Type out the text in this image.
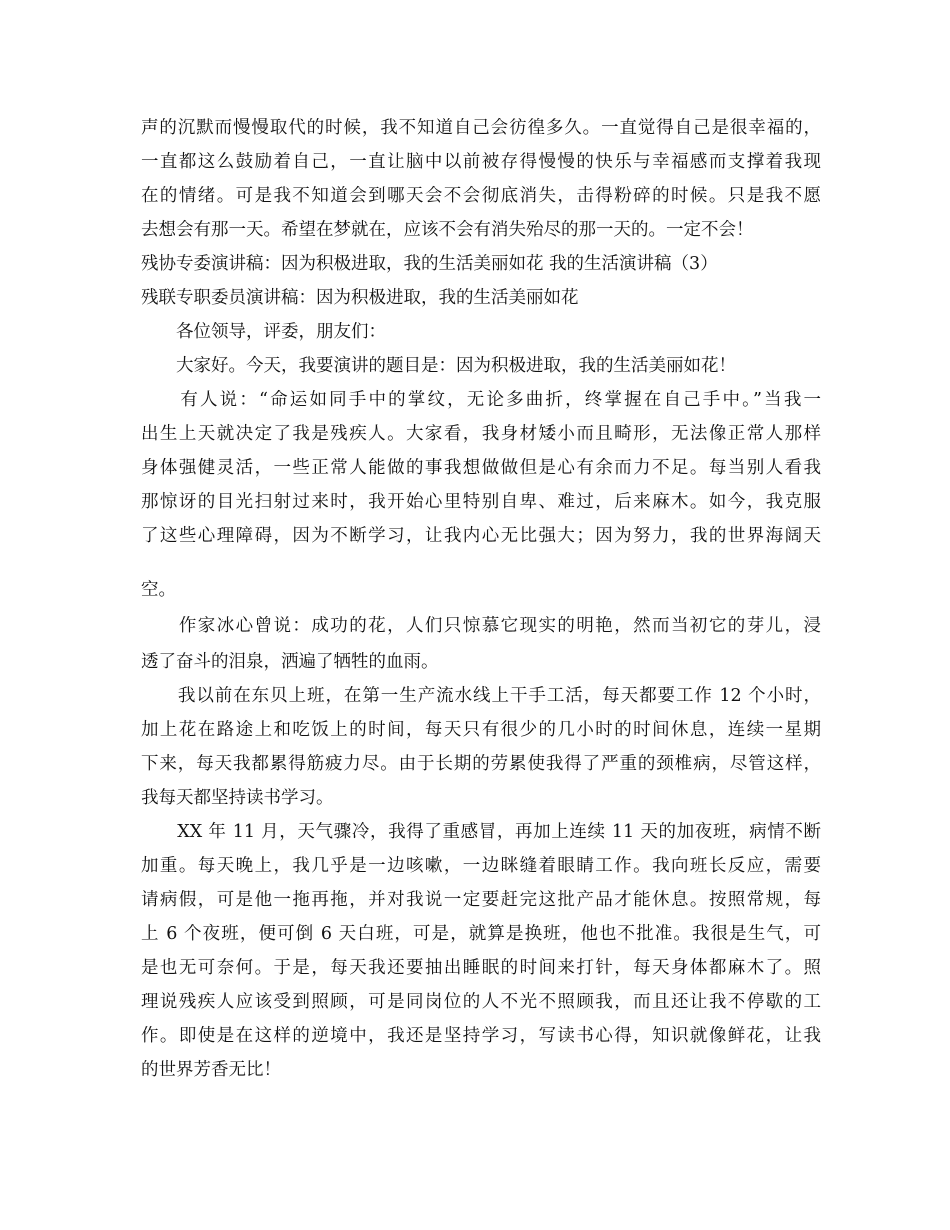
声的沉默而慢慢取代的时候，我不知道自己会彷徨多久。一直觉得自己是很幸福的，
一直都这么鼓励着自己，一直让脑中以前被存得慢慢的快乐与幸福感而支撑着我现
在的情绪。可是我不知道会到哪天会不会彻底消失，击得粉碎的时候。只是我不愿
去想会有那一天。希望在梦就在，应该不会有消失殆尽的那一天的。一定不会！
残协专委演讲稿：因为积极进取，我的生活美丽如花 我的生活演讲稿（3）
残联专职委员演讲稿：因为积极进取，我的生活美丽如花
　　各位领导，评委，朋友们：
　　大家好。今天，我要演讲的题目是：因为积极进取，我的生活美丽如花！
　　有人说：“命运如同手中的掌纹，无论多曲折，终掌握在自己手中。”当我一
出生上天就决定了我是残疾人。大家看，我身材矮小而且畸形，无法像正常人那样
身体强健灵活，一些正常人能做的事我想做做但是心有余而力不足。每当别人看我
那惊讶的目光扫射过来时，我开始心里特别自卑、难过，后来麻木。如今，我克服
了这些心理障碍，因为不断学习，让我内心无比强大；因为努力，我的世界海阔天
空。
　　作家冰心曾说：成功的花，人们只惊慕它现实的明艳，然而当初它的芽儿，浸
透了奋斗的泪泉，洒遍了牺牲的血雨。
　　我以前在东贝上班，在第一生产流水线上干手工活，每天都要工作 12 个小时，
加上花在路途上和吃饭上的时间，每天只有很少的几小时的时间休息，连续一星期
下来，每天我都累得筋疲力尽。由于长期的劳累使我得了严重的颈椎病，尽管这样，
我每天都坚持读书学习。
　　XX 年 11 月，天气骤冷，我得了重感冒，再加上连续 11 天的加夜班，病情不断
加重。每天晚上，我几乎是一边咳嗽，一边眯缝着眼睛工作。我向班长反应，需要
请病假，可是他一拖再拖，并对我说一定要赶完这批产品才能休息。按照常规，每
上 6 个夜班，便可倒 6 天白班，可是，就算是换班，他也不批准。我很是生气，可
是也无可奈何。于是，每天我还要抽出睡眠的时间来打针，每天身体都麻木了。照
理说残疾人应该受到照顾，可是同岗位的人不光不照顾我，而且还让我不停歇的工
作。即使是在这样的逆境中，我还是坚持学习，写读书心得，知识就像鲜花，让我
的世界芳香无比！
